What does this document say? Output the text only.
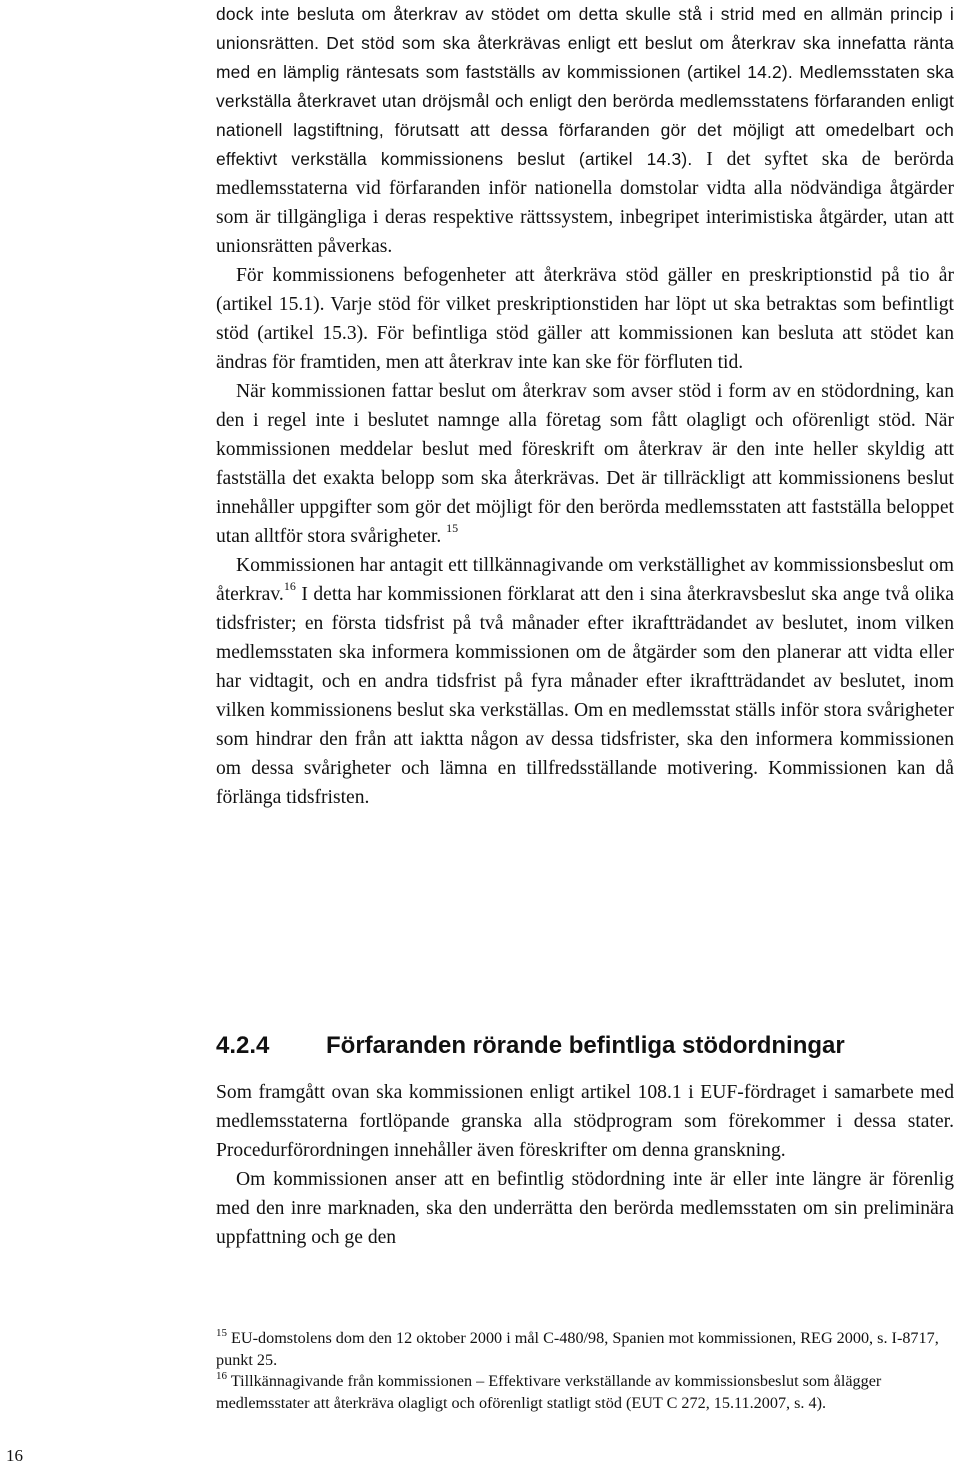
dock inte besluta om återkrav av stödet om detta skulle stå i strid med en allmän princip i unionsrätten. Det stöd som ska återkrävas enligt ett beslut om återkrav ska innefatta ränta med en lämplig räntesats som fastställs av kommissionen (artikel 14.2). Medlemsstaten ska verkställa återkravet utan dröjsmål och enligt den berörda medlemsstatens förfaranden enligt nationell lagstiftning, förutsatt att dessa förfaranden gör det möjligt att omedelbart och effektivt verkställa kommissionens beslut (artikel 14.3). I det syftet ska de berörda medlemsstaterna vid förfaranden inför nationella domstolar vidta alla nödvändiga åtgärder som är tillgängliga i deras respektive rättssystem, inbegripet interimistiska åtgärder, utan att unionsrätten påverkas.

För kommissionens befogenheter att återkräva stöd gäller en preskriptionstid på tio år (artikel 15.1). Varje stöd för vilket preskriptionstiden har löpt ut ska betraktas som befintligt stöd (artikel 15.3). För befintliga stöd gäller att kommissionen kan besluta att stödet kan ändras för framtiden, men att återkrav inte kan ske för förfluten tid.

När kommissionen fattar beslut om återkrav som avser stöd i form av en stödordning, kan den i regel inte i beslutet namnge alla företag som fått olagligt och oförenligt stöd. När kommissionen meddelar beslut med föreskrift om återkrav är den inte heller skyldig att fastställa det exakta belopp som ska återkrävas. Det är tillräckligt att kommissionens beslut innehåller uppgifter som gör det möjligt för den berörda medlemsstaten att fastställa beloppet utan alltför stora svårigheter. $^{15}$

Kommissionen har antagit ett tillkännagivande om verkställighet av kommissionsbeslut om återkrav.$^{16}$ I detta har kommissionen förklarat att den i sina återkravsbeslut ska ange två olika tidsfrister; en första tidsfrist på två månader efter ikraftträdandet av beslutet, inom vilken medlemsstaten ska informera kommissionen om de åtgärder som den planerar att vidta eller har vidtagit, och en andra tidsfrist på fyra månader efter ikraftträdandet av beslutet, inom vilken kommissionens beslut ska verkställas. Om en medlemsstat ställs inför stora svårigheter som hindrar den från att iaktta någon av dessa tidsfrister, ska den informera kommissionen om dessa svårigheter och lämna en tillfredsställande motivering. Kommissionen kan då förlänga tidsfristen.

4.2.4 Förfaranden rörande befintliga stödordningar

Som framgått ovan ska kommissionen enligt artikel 108.1 i EUF-fördraget i samarbete med medlemsstaterna fortlöpande granska alla stödprogram som förekommer i dessa stater. Procedurförordningen innehåller även föreskrifter om denna granskning.

Om kommissionen anser att en befintlig stödordning inte är eller inte längre är förenlig med den inre marknaden, ska den underrätta den berörda medlemsstaten om sin preliminära uppfattning och ge den

$^{15}$ EU-domstolens dom den 12 oktober 2000 i mål C-480/98, Spanien mot kommissionen, REG 2000, s. I-8717, punkt 25.
$^{16}$ Tillkännagivande från kommissionen – Effektivare verkställande av kommissionsbeslut som ålägger medlemsstater att återkräva olagligt och oförenligt statligt stöd (EUT C 272, 15.11.2007, s. 4).
16
